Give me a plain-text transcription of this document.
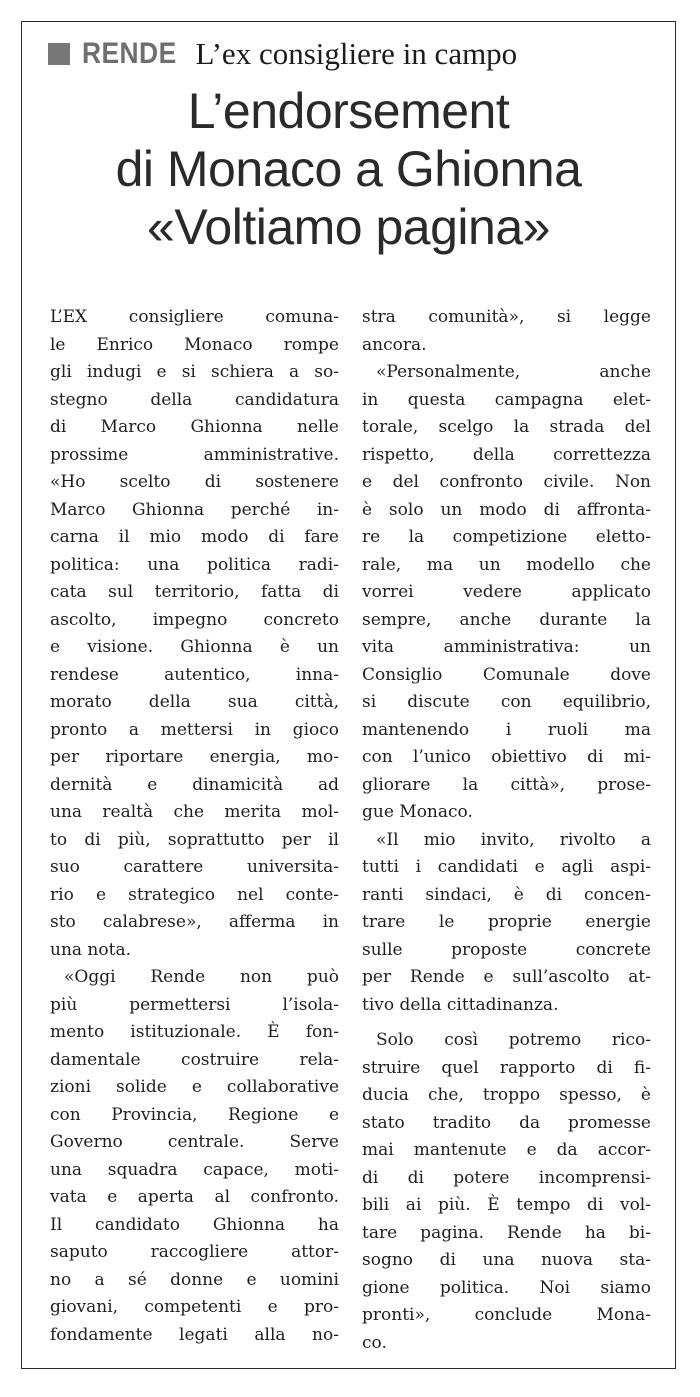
RENDE L’ex consigliere in campo
L’endorsement
di Monaco a Ghionna
«Voltiamo pagina»
L’EX consigliere comuna-
le Enrico Monaco rompe
gli indugi e si schiera a so-
stegno della candidatura
di Marco Ghionna nelle
prossime amministrative.
«Ho scelto di sostenere
Marco Ghionna perché in-
carna il mio modo di fare
politica: una politica radi-
cata sul territorio, fatta di
ascolto, impegno concreto
e visione. Ghionna è un
rendese autentico, inna-
morato della sua città,
pronto a mettersi in gioco
per riportare energia, mo-
dernità e dinamicità ad
una realtà che merita mol-
to di più, soprattutto per il
suo carattere universita-
rio e strategico nel conte-
sto calabrese», afferma in
una nota.
«Oggi Rende non può
più permettersi l’isola-
mento istituzionale. È fon-
damentale costruire rela-
zioni solide e collaborative
con Provincia, Regione e
Governo centrale. Serve
una squadra capace, moti-
vata e aperta al confronto.
Il candidato Ghionna ha
saputo raccogliere attor-
no a sé donne e uomini
giovani, competenti e pro-
fondamente legati alla no-
stra comunità», si legge
ancora.
«Personalmente, anche
in questa campagna elet-
torale, scelgo la strada del
rispetto, della correttezza
e del confronto civile. Non
è solo un modo di affronta-
re la competizione eletto-
rale, ma un modello che
vorrei vedere applicato
sempre, anche durante la
vita amministrativa: un
Consiglio Comunale dove
si discute con equilibrio,
mantenendo i ruoli ma
con l’unico obiettivo di mi-
gliorare la città», prose-
gue Monaco.
«Il mio invito, rivolto a
tutti i candidati e agli aspi-
ranti sindaci, è di concen-
trare le proprie energie
sulle proposte concrete
per Rende e sull’ascolto at-
tivo della cittadinanza.
Solo così potremo rico-
struire quel rapporto di fi-
ducia che, troppo spesso, è
stato tradito da promesse
mai mantenute e da accor-
di di potere incomprensi-
bili ai più. È tempo di vol-
tare pagina. Rende ha bi-
sogno di una nuova sta-
gione politica. Noi siamo
pronti», conclude Mona-
co.
